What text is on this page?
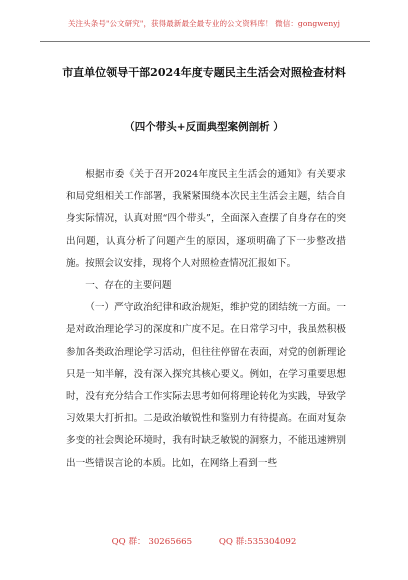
关注头条号"公文研究"，获得最新最全最专业的公文资料库！ 微信：gongwenyj
市直单位领导干部2024年度专题民主生活会对照检查材料
（四个带头+反面典型案例剖析 ）

根据市委《关于召开2024年度民主生活会的通知》有关要求和局党组相关工作部署，我紧紧围绕本次民主生活会主题，结合自身实际情况，认真对照“四个带头”，全面深入查摆了自身存在的突出问题，认真分析了问题产生的原因，逐项明确了下一步整改措施。按照会议安排，现将个人对照检查情况汇报如下。

一、存在的主要问题

（一）严守政治纪律和政治规矩，维护党的团结统一方面。一是对政治理论学习的深度和广度不足。在日常学习中，我虽然积极参加各类政治理论学习活动，但往往停留在表面，对党的创新理论只是一知半解，没有深入探究其核心要义。例如，在学习重要思想时，没有充分结合工作实际去思考如何将理论转化为实践，导致学习效果大打折扣。二是政治敏锐性和鉴别力有待提高。在面对复杂多变的社会舆论环境时，我有时缺乏敏锐的洞察力，不能迅速辨别出一些错误言论的本质。比如，在网络上看到一些

QQ 群： 30265665	QQ 群:535304092
